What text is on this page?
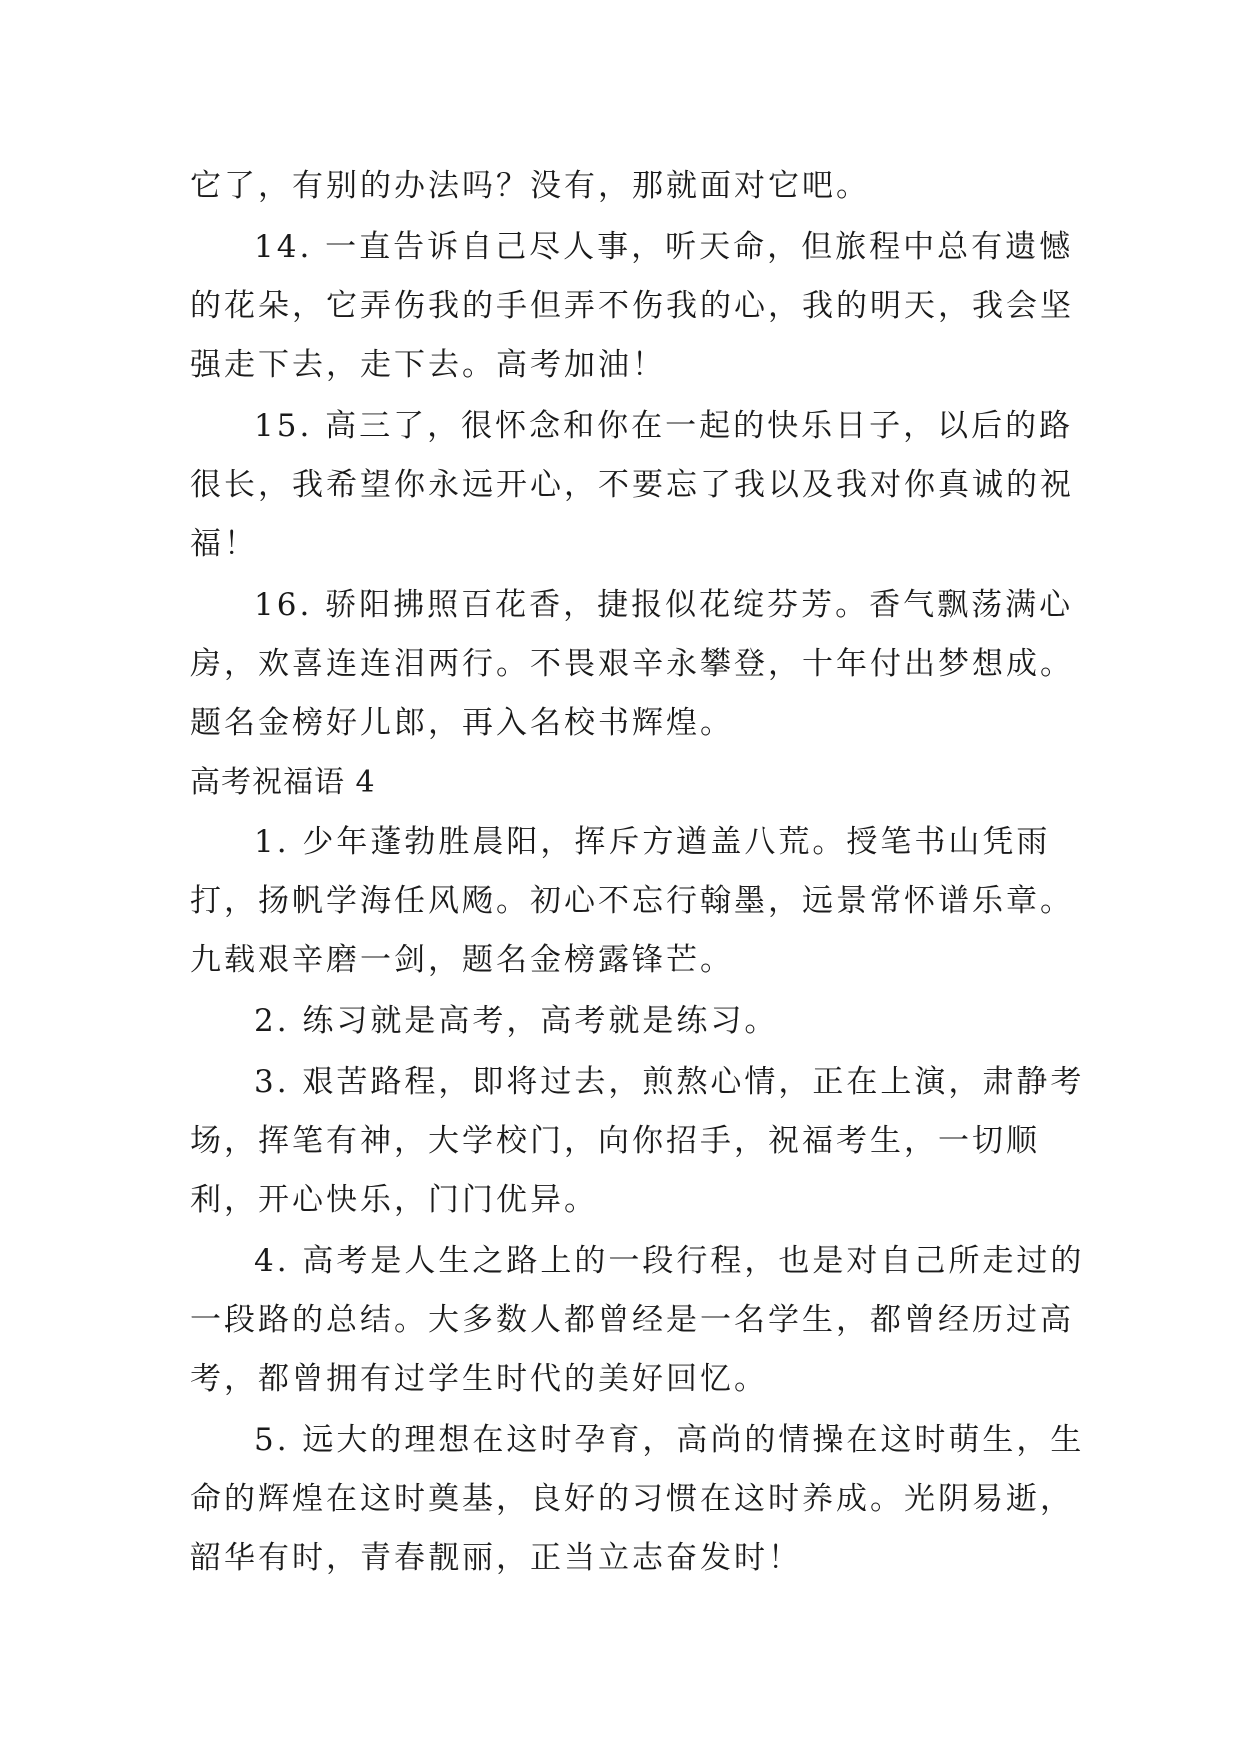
它了，有别的办法吗？没有，那就面对它吧。

14. 一直告诉自己尽人事，听天命，但旅程中总有遗憾的花朵，它弄伤我的手但弄不伤我的心，我的明天，我会坚强走下去，走下去。高考加油！

15. 高三了，很怀念和你在一起的快乐日子，以后的路很长，我希望你永远开心，不要忘了我以及我对你真诚的祝福！

16. 骄阳拂照百花香，捷报似花绽芬芳。香气飘荡满心房，欢喜连连泪两行。不畏艰辛永攀登，十年付出梦想成。题名金榜好儿郎，再入名校书辉煌。

高考祝福语 4

1. 少年蓬勃胜晨阳，挥斥方遒盖八荒。授笔书山凭雨打，扬帆学海任风飏。初心不忘行翰墨，远景常怀谱乐章。九载艰辛磨一剑，题名金榜露锋芒。

2. 练习就是高考，高考就是练习。

3. 艰苦路程，即将过去，煎熬心情，正在上演，肃静考场，挥笔有神，大学校门，向你招手，祝福考生，一切顺利，开心快乐，门门优异。

4. 高考是人生之路上的一段行程，也是对自己所走过的一段路的总结。大多数人都曾经是一名学生，都曾经历过高考，都曾拥有过学生时代的美好回忆。

5. 远大的理想在这时孕育，高尚的情操在这时萌生，生命的辉煌在这时奠基，良好的习惯在这时养成。光阴易逝，韶华有时，青春靓丽，正当立志奋发时！
